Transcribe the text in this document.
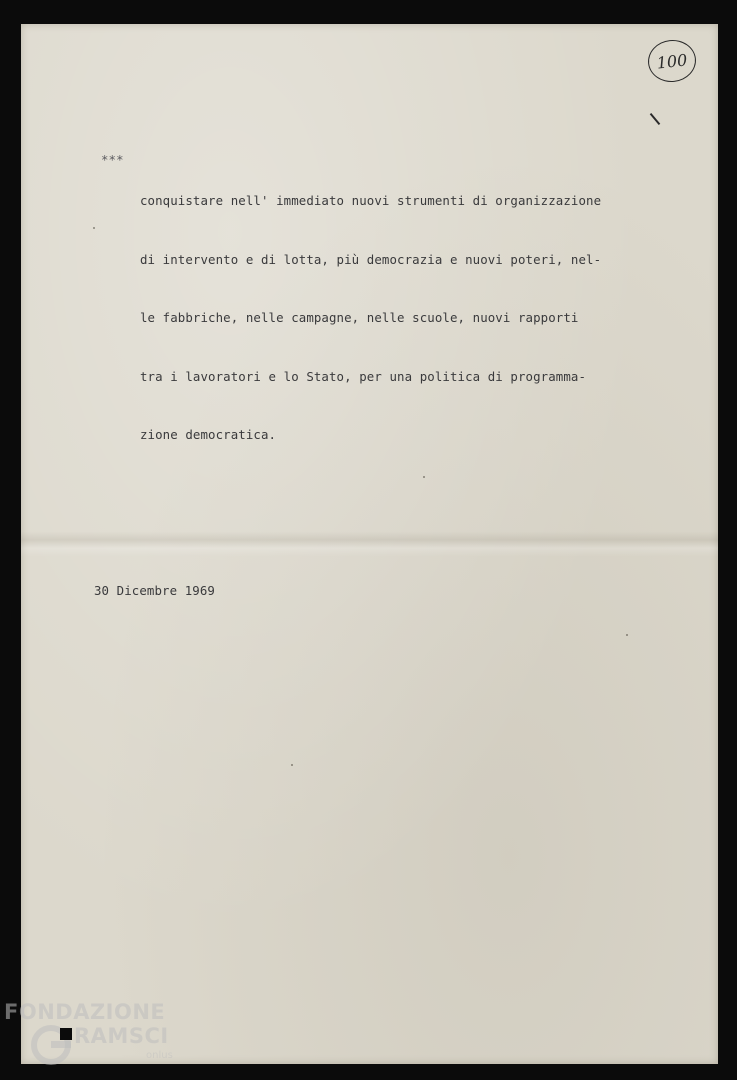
100
***

conquistare nell' immediato nuovi strumenti di organizzazione

di intervento e di lotta, più democrazia e nuovi poteri, nel-

le fabbriche, nelle campagne, nelle scuole, nuovi rapporti

tra i lavoratori e lo Stato, per una politica di programma-

zione democratica.

30 Dicembre 1969
FONDAZIONE
RAMSCI
onlus
